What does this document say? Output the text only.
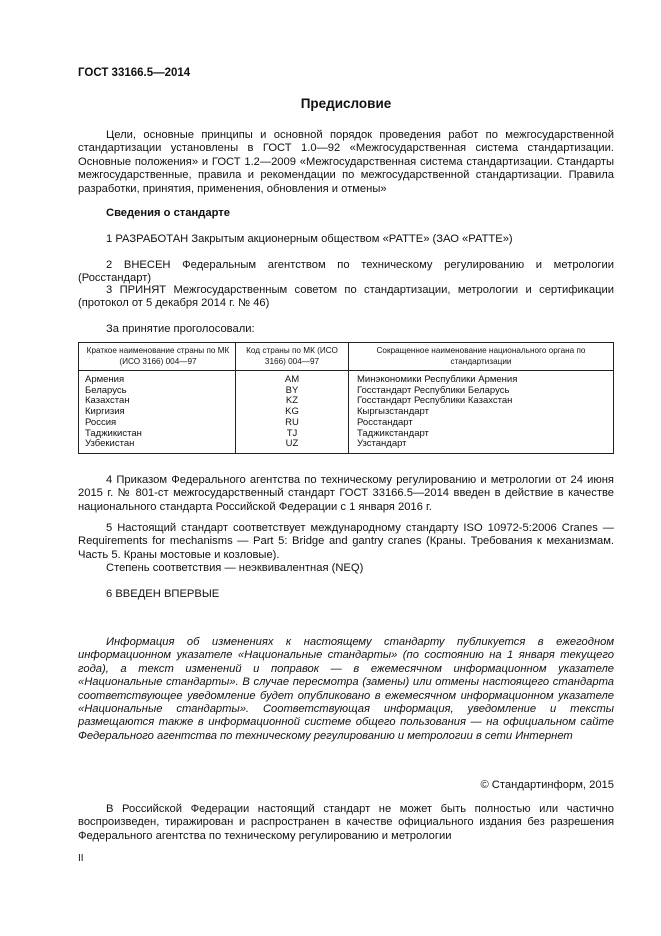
ГОСТ 33166.5—2014
Предисловие

Цели, основные принципы и основной порядок проведения работ по межгосударственной стандартизации установлены в ГОСТ 1.0—92 «Межгосударственная система стандартизации. Основные положения» и ГОСТ 1.2—2009 «Межгосударственная система стандартизации. Стандарты межгосударственные, правила и рекомендации по межгосударственной стандартизации. Правила разработки, принятия, применения, обновления и отмены»

Сведения о стандарте

1 РАЗРАБОТАН Закрытым акционерным обществом «РАТТЕ» (ЗАО «РАТТЕ»)

2 ВНЕСЕН Федеральным агентством по техническому регулированию и метрологии (Росстандарт)

3 ПРИНЯТ Межгосударственным советом по стандартизации, метрологии и сертификации (протокол от 5 декабря 2014 г. № 46)

За принятие проголосовали:

Краткое наименование страны по МК (ИСО 3166) 004—97	Код страны по МК (ИСО 3166) 004—97	Сокращенное наименование национального органа по стандартизации
Армения	AM	Минэкономики Республики Армения
Беларусь	BY	Госстандарт Республики Беларусь
Казахстан	KZ	Госстандарт Республики Казахстан
Киргизия	KG	Кыргызстандарт
Россия	RU	Росстандарт
Таджикистан	TJ	Таджикстандарт
Узбекистан	UZ	Узстандарт

4 Приказом Федерального агентства по техническому регулированию и метрологии от 24 июня 2015 г. № 801-ст межгосударственный стандарт ГОСТ 33166.5—2014 введен в действие в качестве национального стандарта Российской Федерации с 1 января 2016 г.

5 Настоящий стандарт соответствует международному стандарту ISO 10972-5:2006 Cranes — Requirements for mechanisms — Part 5: Bridge and gantry cranes (Краны. Требования к механизмам. Часть 5. Краны мостовые и козловые).

Степень соответствия — неэквивалентная (NEQ)

6 ВВЕДЕН ВПЕРВЫЕ

Информация об изменениях к настоящему стандарту публикуется в ежегодном информационном указателе «Национальные стандарты» (по состоянию на 1 января текущего года), а текст изменений и поправок — в ежемесячном информационном указателе «Национальные стандарты». В случае пересмотра (замены) или отмены настоящего стандарта соответствующее уведомление будет опубликовано в ежемесячном информационном указателе «Национальные стандарты». Соответствующая информация, уведомление и тексты размещаются также в информационной системе общего пользования — на официальном сайте Федерального агентства по техническому регулированию и метрологии в сети Интернет

© Стандартинформ, 2015

В Российской Федерации настоящий стандарт не может быть полностью или частично воспроизведен, тиражирован и распространен в качестве официального издания без разрешения Федерального агентства по техническому регулированию и метрологии

II
